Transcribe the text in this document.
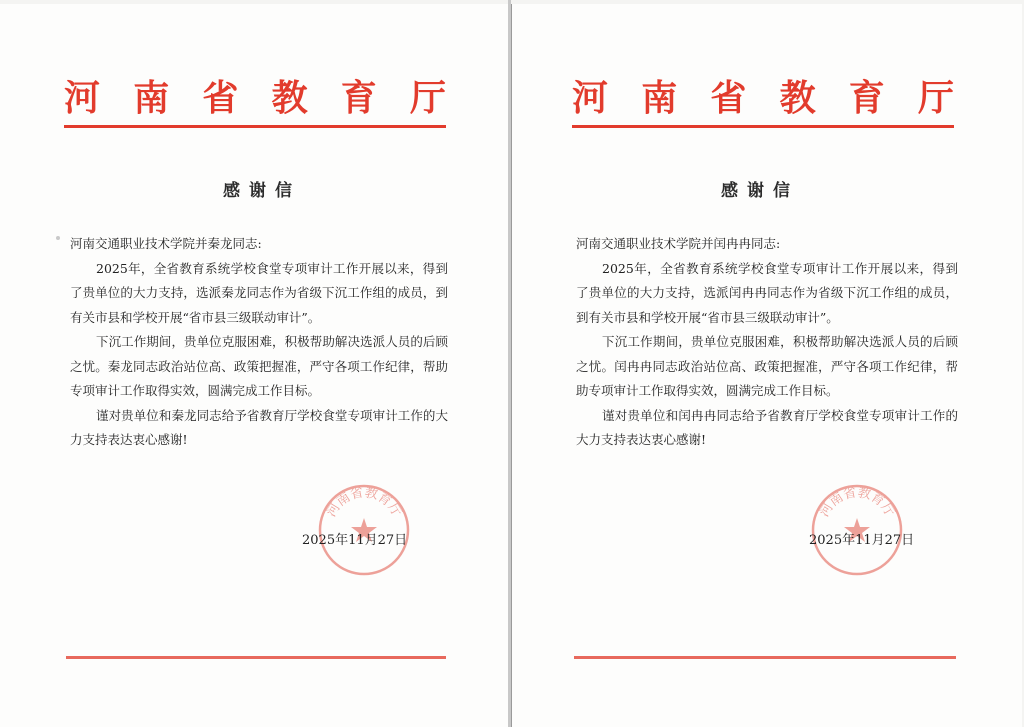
河 南 省 教 育 厅
感谢信
河南交通职业技术学院并秦龙同志:
2025年，全省教育系统学校食堂专项审计工作开展以来，得到
了贵单位的大力支持，选派秦龙同志作为省级下沉工作组的成员，到
有关市县和学校开展“省市县三级联动审计”。
下沉工作期间，贵单位克服困难，积极帮助解决选派人员的后顾
之忧。秦龙同志政治站位高、政策把握准，严守各项工作纪律，帮助
专项审计工作取得实效，圆满完成工作目标。
谨对贵单位和秦龙同志给予省教育厅学校食堂专项审计工作的大
力支持表达衷心感谢!
河南省教育厅
2025年11月27日
河 南 省 教 育 厅
感谢信
河南交通职业技术学院并闰冉冉同志:
2025年，全省教育系统学校食堂专项审计工作开展以来，得到
了贵单位的大力支持，选派闰冉冉同志作为省级下沉工作组的成员，
到有关市县和学校开展“省市县三级联动审计”。
下沉工作期间，贵单位克服困难，积极帮助解决选派人员的后顾
之忧。闰冉冉同志政治站位高、政策把握准，严守各项工作纪律，帮
助专项审计工作取得实效，圆满完成工作目标。
谨对贵单位和闰冉冉同志给予省教育厅学校食堂专项审计工作的
大力支持表达衷心感谢!
河南省教育厅
2025年11月27日
